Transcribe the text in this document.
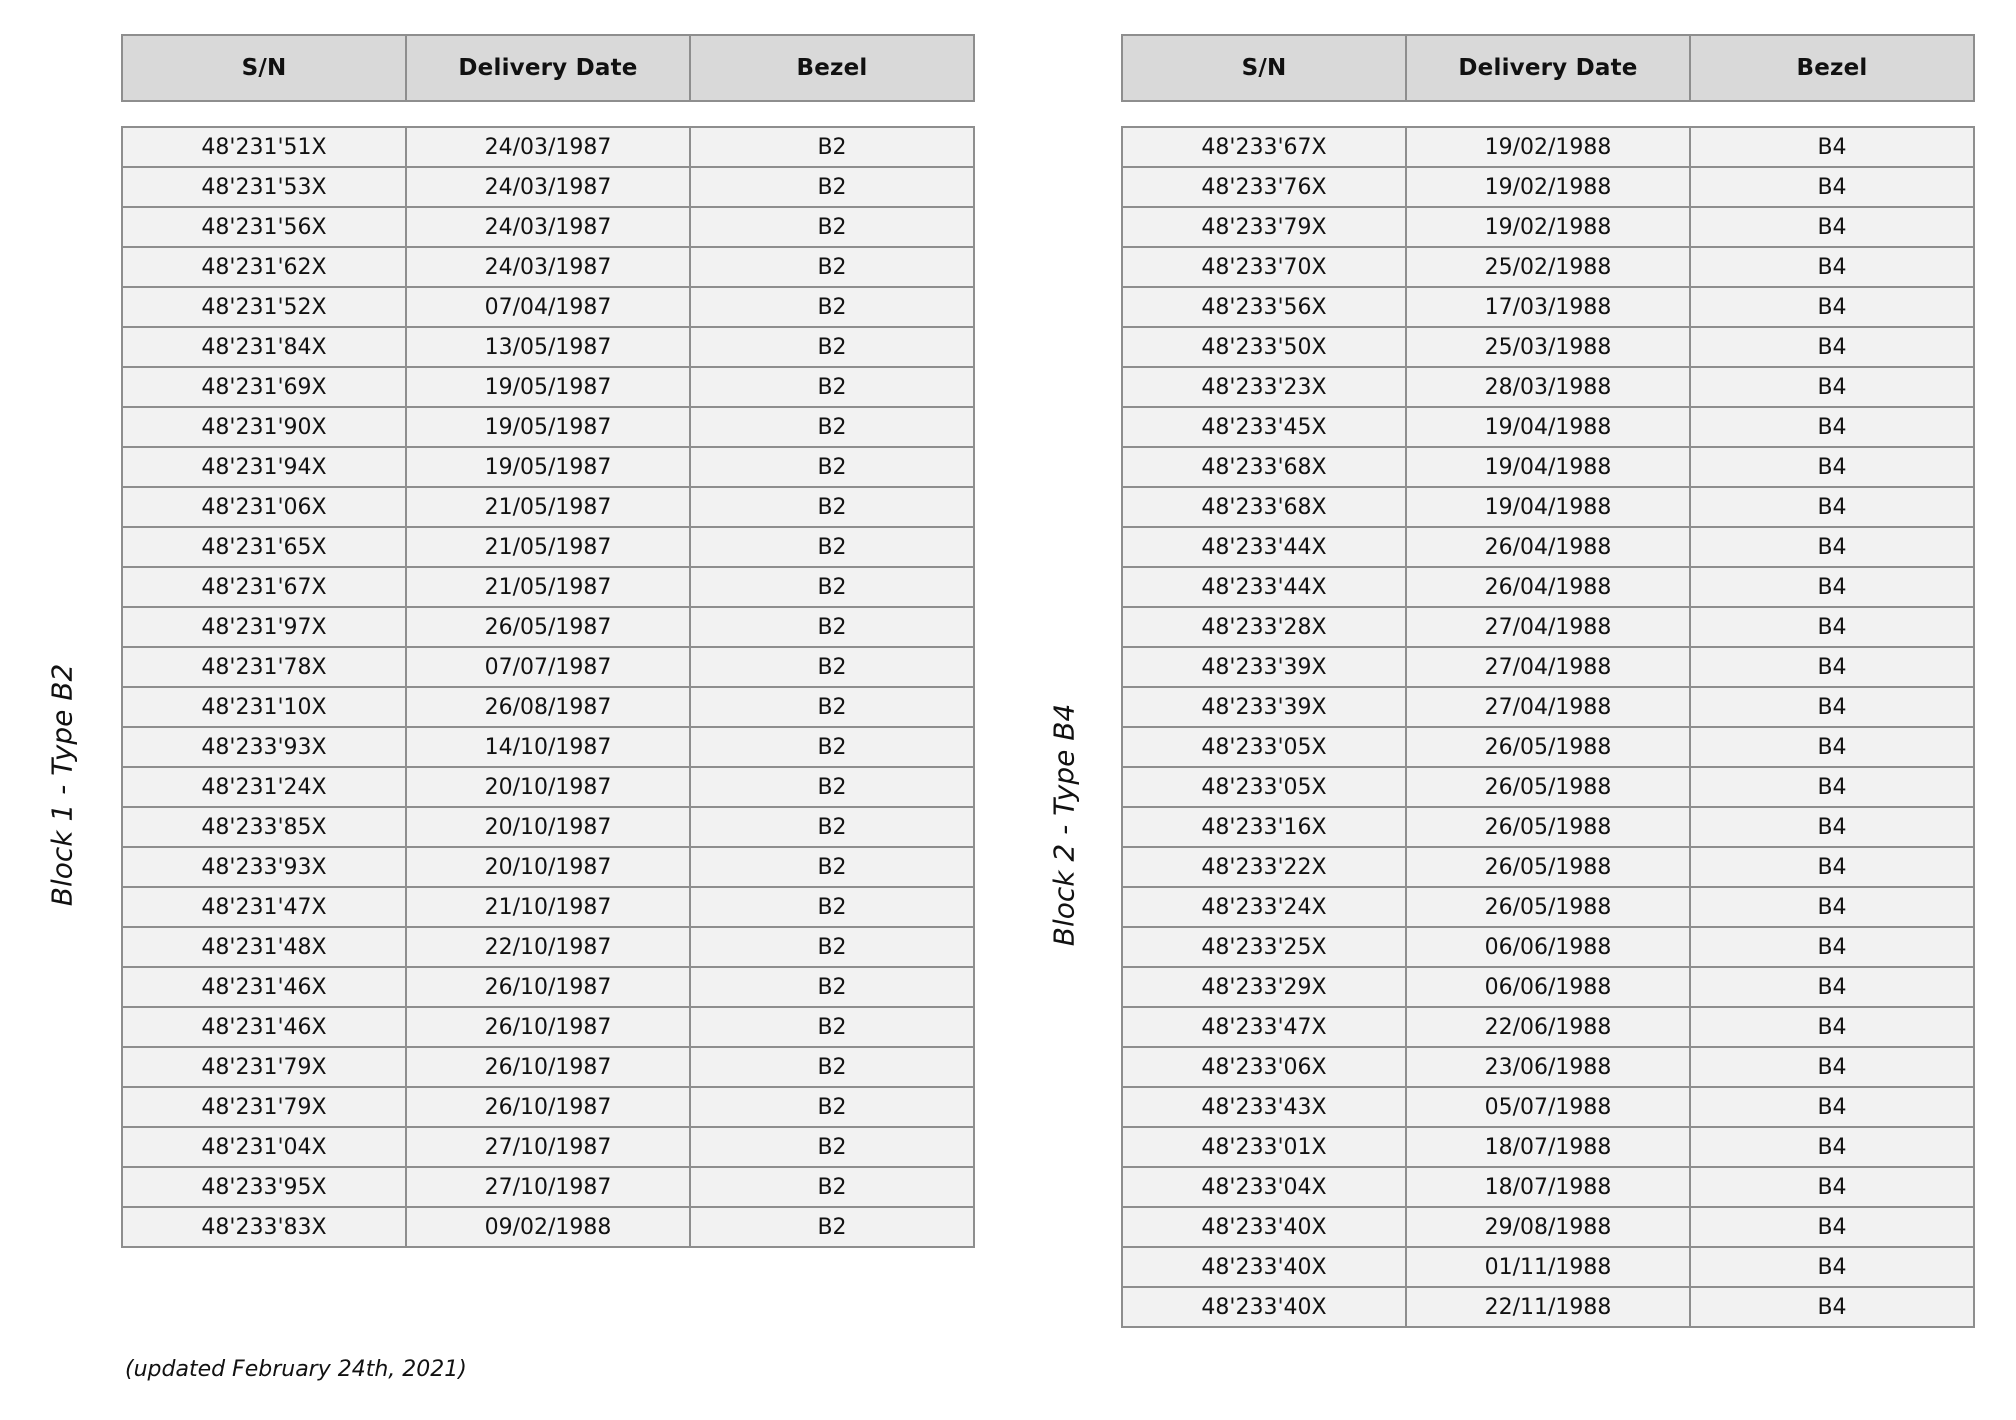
Block 1 - Type B2	Block 2 - Type B4
S/N	Delivery Date	Bezel

48'231'51X	24/03/1987	B2
48'231'53X	24/03/1987	B2
48'231'56X	24/03/1987	B2
48'231'62X	24/03/1987	B2
48'231'52X	07/04/1987	B2
48'231'84X	13/05/1987	B2
48'231'69X	19/05/1987	B2
48'231'90X	19/05/1987	B2
48'231'94X	19/05/1987	B2
48'231'06X	21/05/1987	B2
48'231'65X	21/05/1987	B2
48'231'67X	21/05/1987	B2
48'231'97X	26/05/1987	B2
48'231'78X	07/07/1987	B2
48'231'10X	26/08/1987	B2
48'233'93X	14/10/1987	B2
48'231'24X	20/10/1987	B2
48'233'85X	20/10/1987	B2
48'233'93X	20/10/1987	B2
48'231'47X	21/10/1987	B2
48'231'48X	22/10/1987	B2
48'231'46X	26/10/1987	B2
48'231'46X	26/10/1987	B2
48'231'79X	26/10/1987	B2
48'231'79X	26/10/1987	B2
48'231'04X	27/10/1987	B2
48'233'95X	27/10/1987	B2
48'233'83X	09/02/1988	B2
S/N	Delivery Date	Bezel

48'233'67X	19/02/1988	B4
48'233'76X	19/02/1988	B4
48'233'79X	19/02/1988	B4
48'233'70X	25/02/1988	B4
48'233'56X	17/03/1988	B4
48'233'50X	25/03/1988	B4
48'233'23X	28/03/1988	B4
48'233'45X	19/04/1988	B4
48'233'68X	19/04/1988	B4
48'233'68X	19/04/1988	B4
48'233'44X	26/04/1988	B4
48'233'44X	26/04/1988	B4
48'233'28X	27/04/1988	B4
48'233'39X	27/04/1988	B4
48'233'39X	27/04/1988	B4
48'233'05X	26/05/1988	B4
48'233'05X	26/05/1988	B4
48'233'16X	26/05/1988	B4
48'233'22X	26/05/1988	B4
48'233'24X	26/05/1988	B4
48'233'25X	06/06/1988	B4
48'233'29X	06/06/1988	B4
48'233'47X	22/06/1988	B4
48'233'06X	23/06/1988	B4
48'233'43X	05/07/1988	B4
48'233'01X	18/07/1988	B4
48'233'04X	18/07/1988	B4
48'233'40X	29/08/1988	B4
48'233'40X	01/11/1988	B4
48'233'40X	22/11/1988	B4
(updated February 24th, 2021)
